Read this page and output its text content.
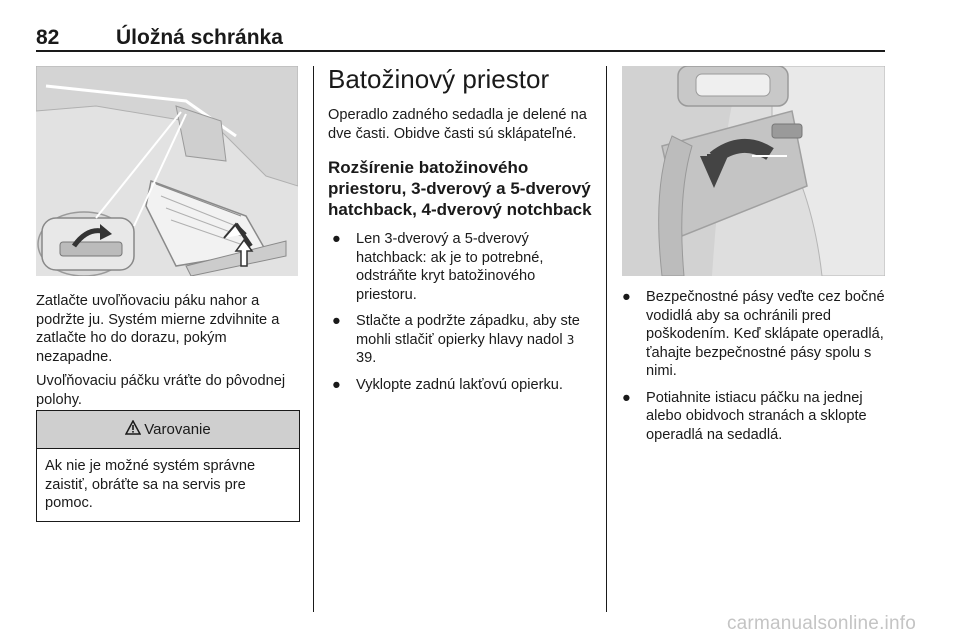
82	Úložná schránka

Zatlačte uvoľňovaciu páku nahor a podržte ju. Systém mierne zdvihnite a zatlačte ho do dorazu, pokým nezapadne.

Uvoľňovaciu páčku vráťte do pôvodnej polohy.

Varovanie
Ak nie je možné systém správne zaistiť, obráťte sa na servis pre pomoc.
Batožinový priestor

Operadlo zadného sedadla je delené na dve časti. Obidve časti sú sklápateľné.

Rozšírenie batožinového priestoru, 3-dverový a 5-dverový hatchback, 4-dverový notchback
● Len 3-dverový a 5-dverový hatchback: ak je to potrebné, odstráňte kryt batožinového priestoru.
● Stlačte a podržte západku, aby ste mohli stlačiť opierky hlavy nadol 3 39.
● Vyklopte zadnú lakťovú opierku.
● Bezpečnostné pásy veďte cez bočné vodidlá aby sa ochránili pred poškodením. Keď sklápate operadlá, ťahajte bezpečnostné pásy spolu s nimi.
● Potiahnite istiacu páčku na jednej alebo obidvoch stranách a sklopte operadlá na sedadlá.
carmanualsonline.info
